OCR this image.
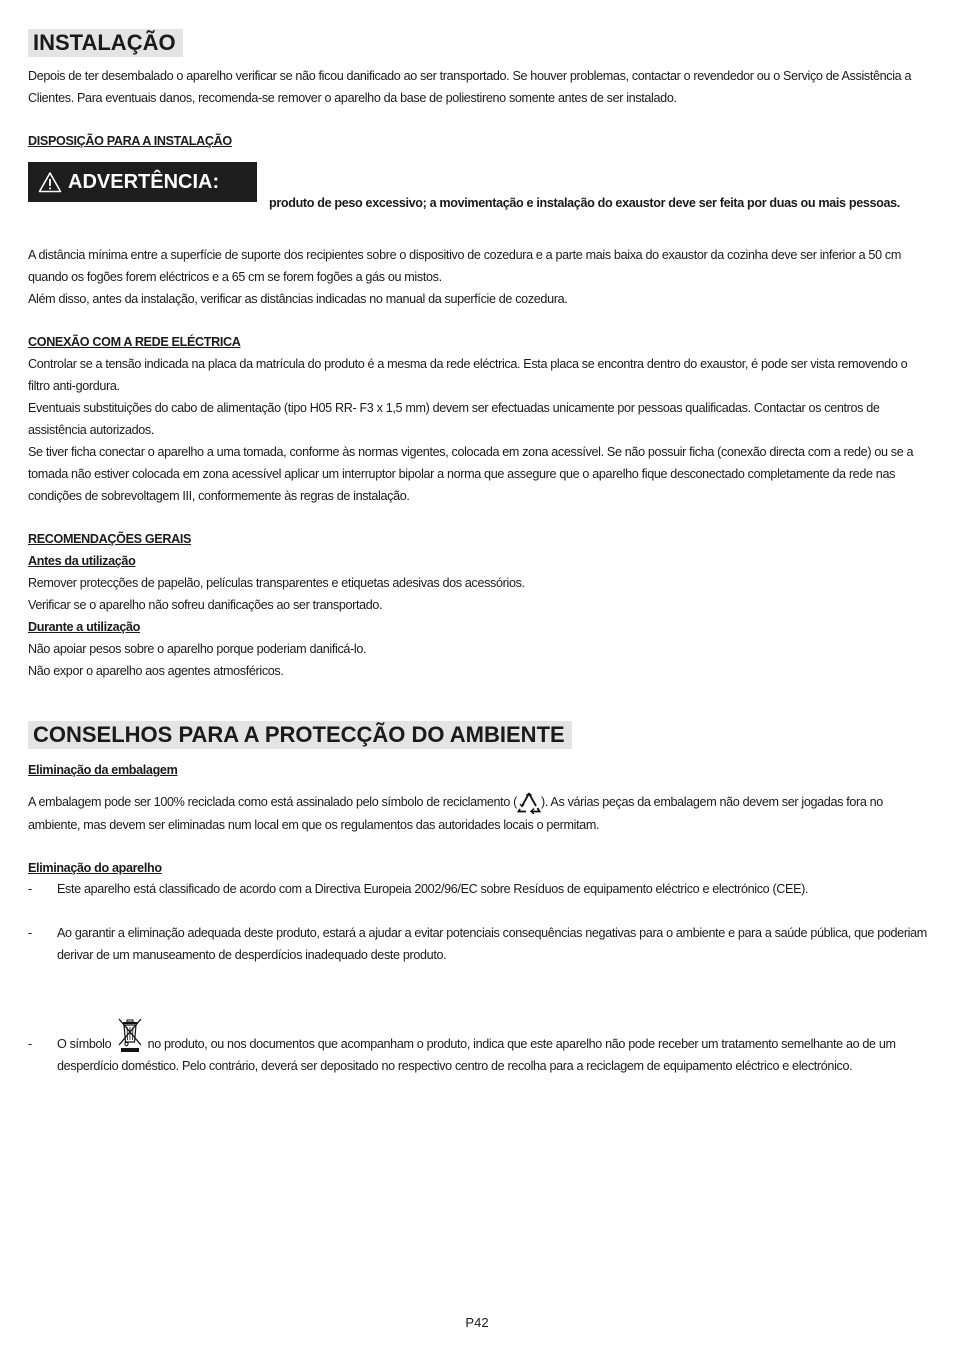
INSTALAÇÃO

Depois de ter desembalado o aparelho verificar se não ficou danificado ao ser transportado. Se houver problemas, contactar o revendedor ou o Serviço de Assistência a Clientes. Para eventuais danos, recomenda-se remover o aparelho da base de poliestireno somente antes de ser instalado.

DISPOSIÇÃO PARA A INSTALAÇÃO

ADVERTÊNCIA:

produto de peso excessivo; a movimentação e instalação do exaustor deve ser feita por duas ou mais pessoas.

A distância mínima entre a superfície de suporte dos recipientes sobre o dispositivo de cozedura e a parte mais baixa do exaustor da cozinha deve ser inferior a 50 cm quando os fogões forem eléctricos e a 65 cm se forem fogões a gás ou mistos.

Além disso, antes da instalação, verificar as distâncias indicadas no manual da superfície de cozedura.

CONEXÃO COM A REDE ELÉCTRICA

Controlar se a tensão indicada na placa da matrícula do produto é a mesma da rede eléctrica. Esta placa se encontra dentro do exaustor, é pode ser vista removendo o filtro anti-gordura.

Eventuais substituições do cabo de alimentação (tipo H05 RR- F3 x 1,5 mm) devem ser efectuadas unicamente por pessoas qualificadas. Contactar os centros de assistência autorizados.

Se tiver ficha conectar o aparelho a uma tomada, conforme às normas vigentes, colocada em zona acessível. Se não possuir ficha (conexão directa com a rede) ou se a tomada não estiver colocada em zona acessível aplicar um interruptor bipolar a norma que assegure que o aparelho fique desconectado completamente da rede nas condições de sobrevoltagem III, conformemente às regras de instalação.

RECOMENDAÇÕES GERAIS

Antes da utilização

Remover protecções de papelão, películas transparentes e etiquetas adesivas dos acessórios.

Verificar se o aparelho não sofreu danificações ao ser transportado.

Durante a utilização

Não apoiar pesos sobre o aparelho porque poderiam danificá-lo.

Não expor o aparelho aos agentes atmosféricos.

CONSELHOS PARA A PROTECÇÃO DO AMBIENTE

Eliminação da embalagem

A embalagem pode ser 100% reciclada como está assinalado pelo símbolo de reciclamento ( ). As várias peças da embalagem não devem ser jogadas fora no ambiente, mas devem ser eliminadas num local em que os regulamentos das autoridades locais o permitam.

Eliminação do aparelho

- Este aparelho está classificado de acordo com a Directiva Europeia 2002/96/EC sobre Resíduos de equipamento eléctrico e electrónico (CEE).
- Ao garantir a eliminação adequada deste produto, estará a ajudar a evitar potenciais consequências negativas para o ambiente e para a saúde pública, que poderiam derivar de um manuseamento de desperdícios inadequado deste produto.
- O símbolo	no produto, ou nos documentos que acompanham o produto, indica que este aparelho não pode receber um tratamento semelhante ao de um desperdício doméstico. Pelo contrário, deverá ser depositado no respectivo centro de recolha para a reciclagem de equipamento eléctrico e electrónico.
P42
